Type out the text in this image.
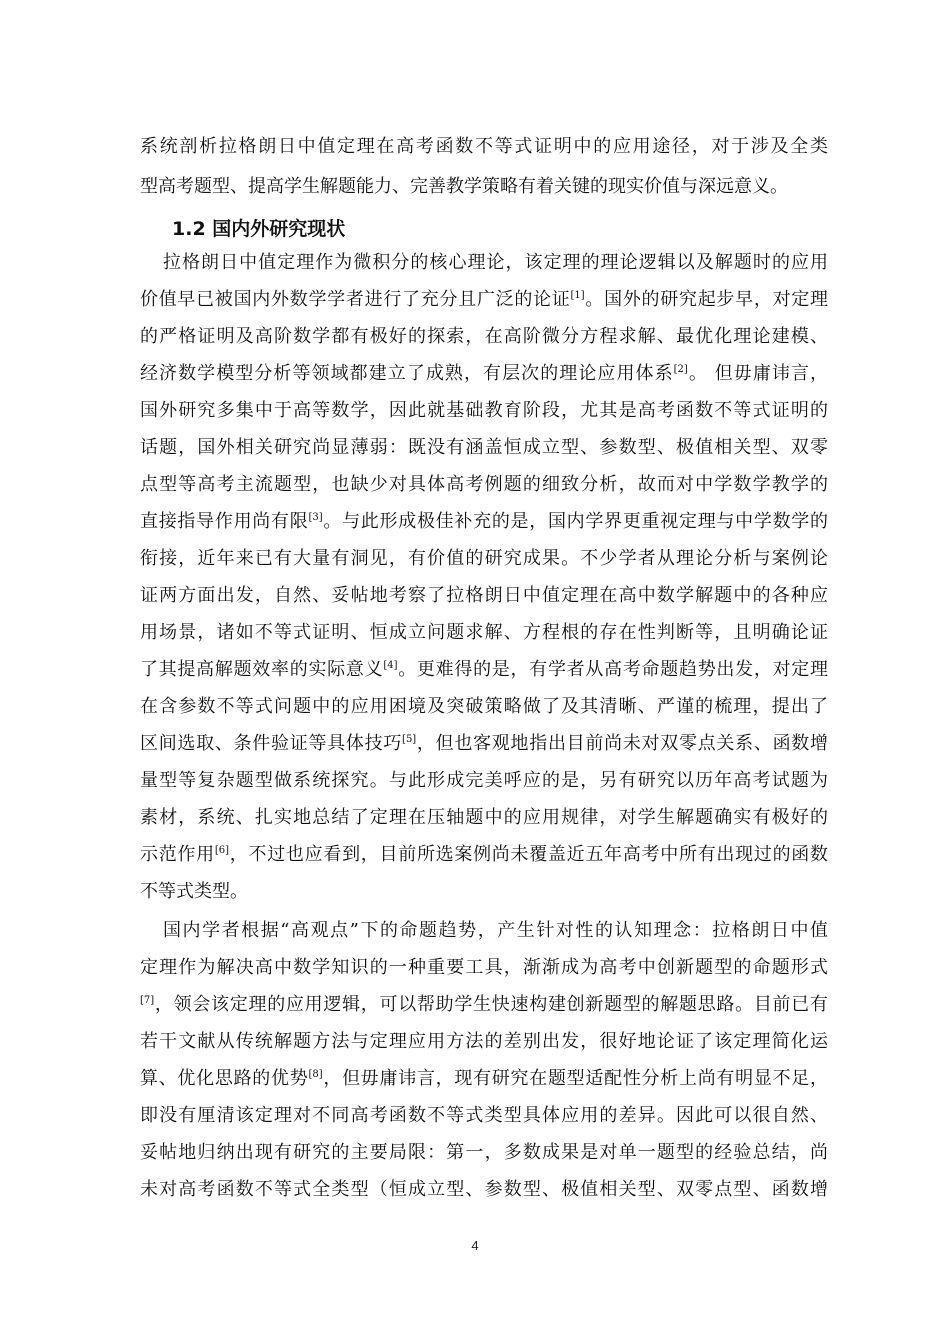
系统剖析拉格朗日中值定理在高考函数不等式证明中的应用途径，对于涉及全类
型高考题型、提高学生解题能力、完善教学策略有着关键的现实价值与深远意义。
1.2 国内外研究现状
拉格朗日中值定理作为微积分的核心理论，该定理的理论逻辑以及解题时的应用
价值早已被国内外数学学者进行了充分且广泛的论证[1]。国外的研究起步早，对定理
的严格证明及高阶数学都有极好的探索，在高阶微分方程求解、最优化理论建模、
经济数学模型分析等领域都建立了成熟，有层次的理论应用体系[2]。 但毋庸讳言，
国外研究多集中于高等数学，因此就基础教育阶段，尤其是高考函数不等式证明的
话题，国外相关研究尚显薄弱：既没有涵盖恒成立型、参数型、极值相关型、双零
点型等高考主流题型，也缺少对具体高考例题的细致分析，故而对中学数学教学的
直接指导作用尚有限[3]。与此形成极佳补充的是，国内学界更重视定理与中学数学的
衔接，近年来已有大量有洞见，有价值的研究成果。不少学者从理论分析与案例论
证两方面出发，自然、妥帖地考察了拉格朗日中值定理在高中数学解题中的各种应
用场景，诸如不等式证明、恒成立问题求解、方程根的存在性判断等，且明确论证
了其提高解题效率的实际意义[4]。更难得的是，有学者从高考命题趋势出发，对定理
在含参数不等式问题中的应用困境及突破策略做了及其清晰、严谨的梳理，提出了
区间选取、条件验证等具体技巧[5]，但也客观地指出目前尚未对双零点关系、函数增
量型等复杂题型做系统探究。与此形成完美呼应的是，另有研究以历年高考试题为
素材，系统、扎实地总结了定理在压轴题中的应用规律，对学生解题确实有极好的
示范作用[6]，不过也应看到，目前所选案例尚未覆盖近五年高考中所有出现过的函数
不等式类型。
国内学者根据“高观点”下的命题趋势，产生针对性的认知理念：拉格朗日中值
定理作为解决高中数学知识的一种重要工具，渐渐成为高考中创新题型的命题形式
[7]，领会该定理的应用逻辑，可以帮助学生快速构建创新题型的解题思路。目前已有
若干文献从传统解题方法与定理应用方法的差别出发，很好地论证了该定理简化运
算、优化思路的优势[8]，但毋庸讳言，现有研究在题型适配性分析上尚有明显不足，
即没有厘清该定理对不同高考函数不等式类型具体应用的差异。因此可以很自然、
妥帖地归纳出现有研究的主要局限：第一，多数成果是对单一题型的经验总结，尚
未对高考函数不等式全类型（恒成立型、参数型、极值相关型、双零点型、函数增
4
